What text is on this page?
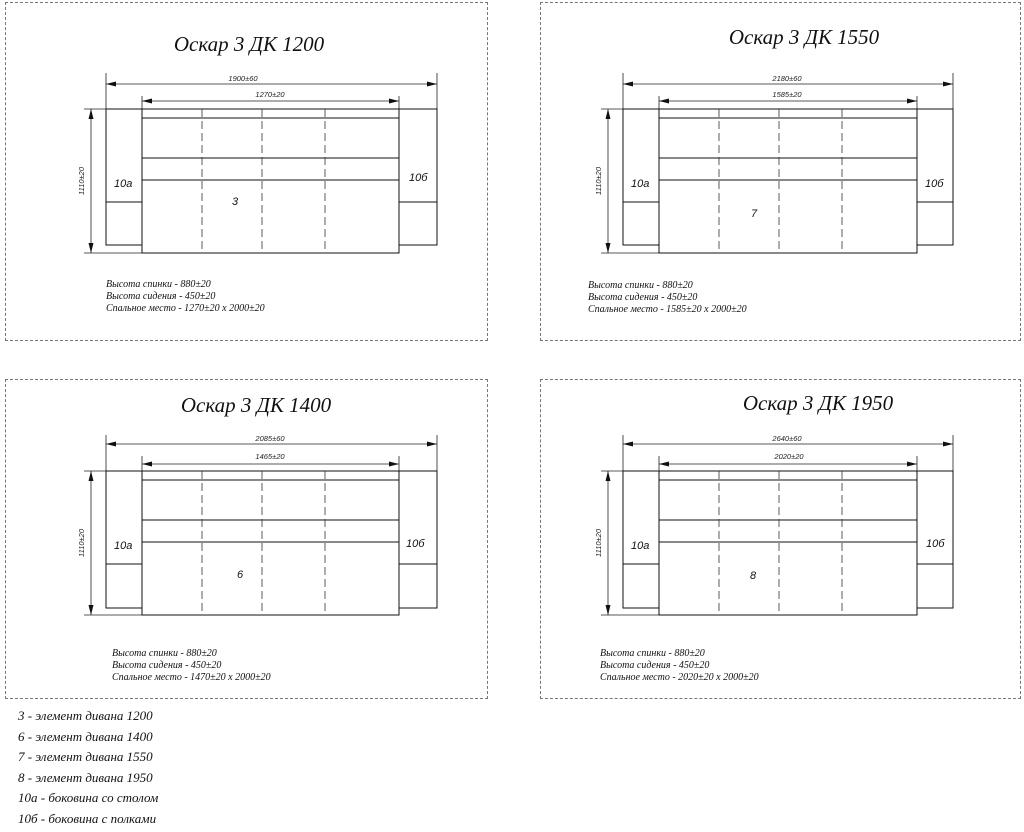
Оскар 3 ДК 1200
1900±60
1270±20
1110±20	10а	10б
3
Высота спинки - 880±20
Высота сидения - 450±20
Спальное место - 1270±20 х 2000±20
Оскар 3 ДК 1550
2180±60
1585±20
1110±20	10а	10б
7
Высота спинки - 880±20
Высота сидения - 450±20
Спальное место - 1585±20 х 2000±20
Оскар 3 ДК 1400
2085±60
1465±20
1110±20	10а	10б
6
Высота спинки - 880±20
Высота сидения - 450±20
Спальное место - 1470±20 х 2000±20
Оскар 3 ДК 1950
2640±60
2020±20
1110±20	10а	10б
8
Высота спинки - 880±20
Высота сидения - 450±20
Спальное место - 2020±20 х 2000±20
3 - элемент дивана 1200
6 - элемент дивана 1400
7 - элемент дивана 1550
8 - элемент дивана 1950
10а - боковина со столом
10б - боковина с полками
